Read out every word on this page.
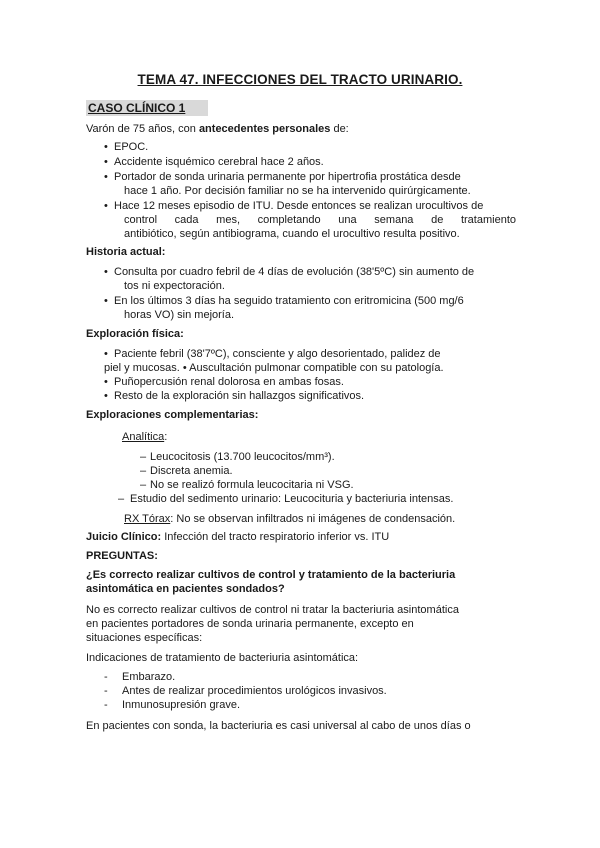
TEMA 47. INFECCIONES DEL TRACTO URINARIO.
CASO CLÍNICO 1
Varón de 75 años, con antecedentes personales de:
• EPOC.
• Accidente isquémico cerebral hace 2 años.
• Portador de sonda urinaria permanente por hipertrofia prostática desde
hace 1 año. Por decisión familiar no se ha intervenido quirúrgicamente.
• Hace 12 meses episodio de ITU. Desde entonces se realizan urocultivos de
control cada mes, completando una semana de tratamiento
antibiótico, según antibiograma, cuando el urocultivo resulta positivo.
Historia actual:
• Consulta por cuadro febril de 4 días de evolución (38'5ºC) sin aumento de
tos ni expectoración.
• En los últimos 3 días ha seguido tratamiento con eritromicina (500 mg/6
horas VO) sin mejoría.
Exploración física:
• Paciente febril (38'7ºC), consciente y algo desorientado, palidez de
piel y mucosas. • Auscultación pulmonar compatible con su patología.
• Puñopercusión renal dolorosa en ambas fosas.
• Resto de la exploración sin hallazgos significativos.
Exploraciones complementarias:
Analítica:
– Leucocitosis (13.700 leucocitos/mm³).
– Discreta anemia.
– No se realizó formula leucocitaria ni VSG.
– Estudio del sedimento urinario: Leucocituria y bacteriuria intensas.
RX Tórax: No se observan infiltrados ni imágenes de condensación.
Juicio Clínico: Infección del tracto respiratorio inferior vs. ITU
PREGUNTAS:
¿Es correcto realizar cultivos de control y tratamiento de la bacteriuria
asintomática en pacientes sondados?
No es correcto realizar cultivos de control ni tratar la bacteriuria asintomática
en pacientes portadores de sonda urinaria permanente, excepto en
situaciones específicas:
Indicaciones de tratamiento de bacteriuria asintomática:
- Embarazo.
- Antes de realizar procedimientos urológicos invasivos.
- Inmunosupresión grave.
En pacientes con sonda, la bacteriuria es casi universal al cabo de unos días o
